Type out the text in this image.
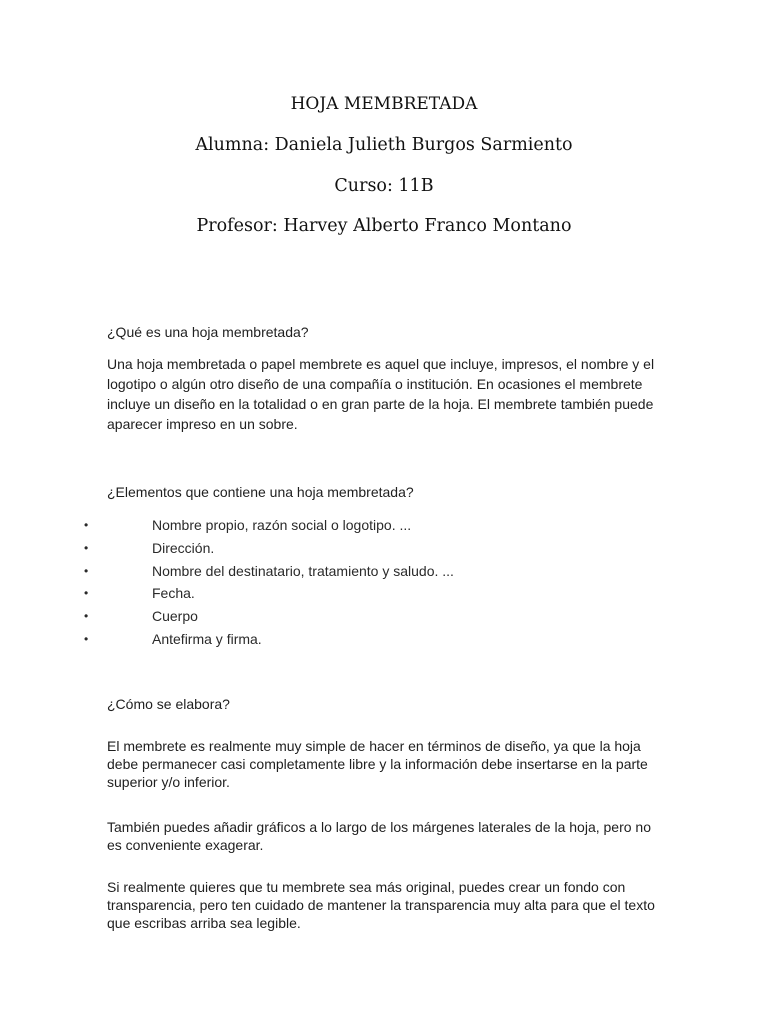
HOJA MEMBRETADA
Alumna: Daniela Julieth Burgos Sarmiento
Curso: 11B
Profesor: Harvey Alberto Franco Montano

¿Qué es una hoja membretada?

Una hoja membretada o papel membrete es aquel que incluye, impresos, el nombre y el logotipo o algún otro diseño de una compañía o institución. En ocasiones el membrete incluye un diseño en la totalidad o en gran parte de la hoja. El membrete también puede aparecer impreso en un sobre.

¿Elementos que contiene una hoja membretada?

•	Nombre propio, razón social o logotipo. ...
•	Dirección.
•	Nombre del destinatario, tratamiento y saludo. ...
•	Fecha.
•	Cuerpo
•	Antefirma y firma.

¿Cómo se elabora?

El membrete es realmente muy simple de hacer en términos de diseño, ya que la hoja debe permanecer casi completamente libre y la información debe insertarse en la parte superior y/o inferior.

También puedes añadir gráficos a lo largo de los márgenes laterales de la hoja, pero no es conveniente exagerar.

Si realmente quieres que tu membrete sea más original, puedes crear un fondo con transparencia, pero ten cuidado de mantener la transparencia muy alta para que el texto que escribas arriba sea legible.
